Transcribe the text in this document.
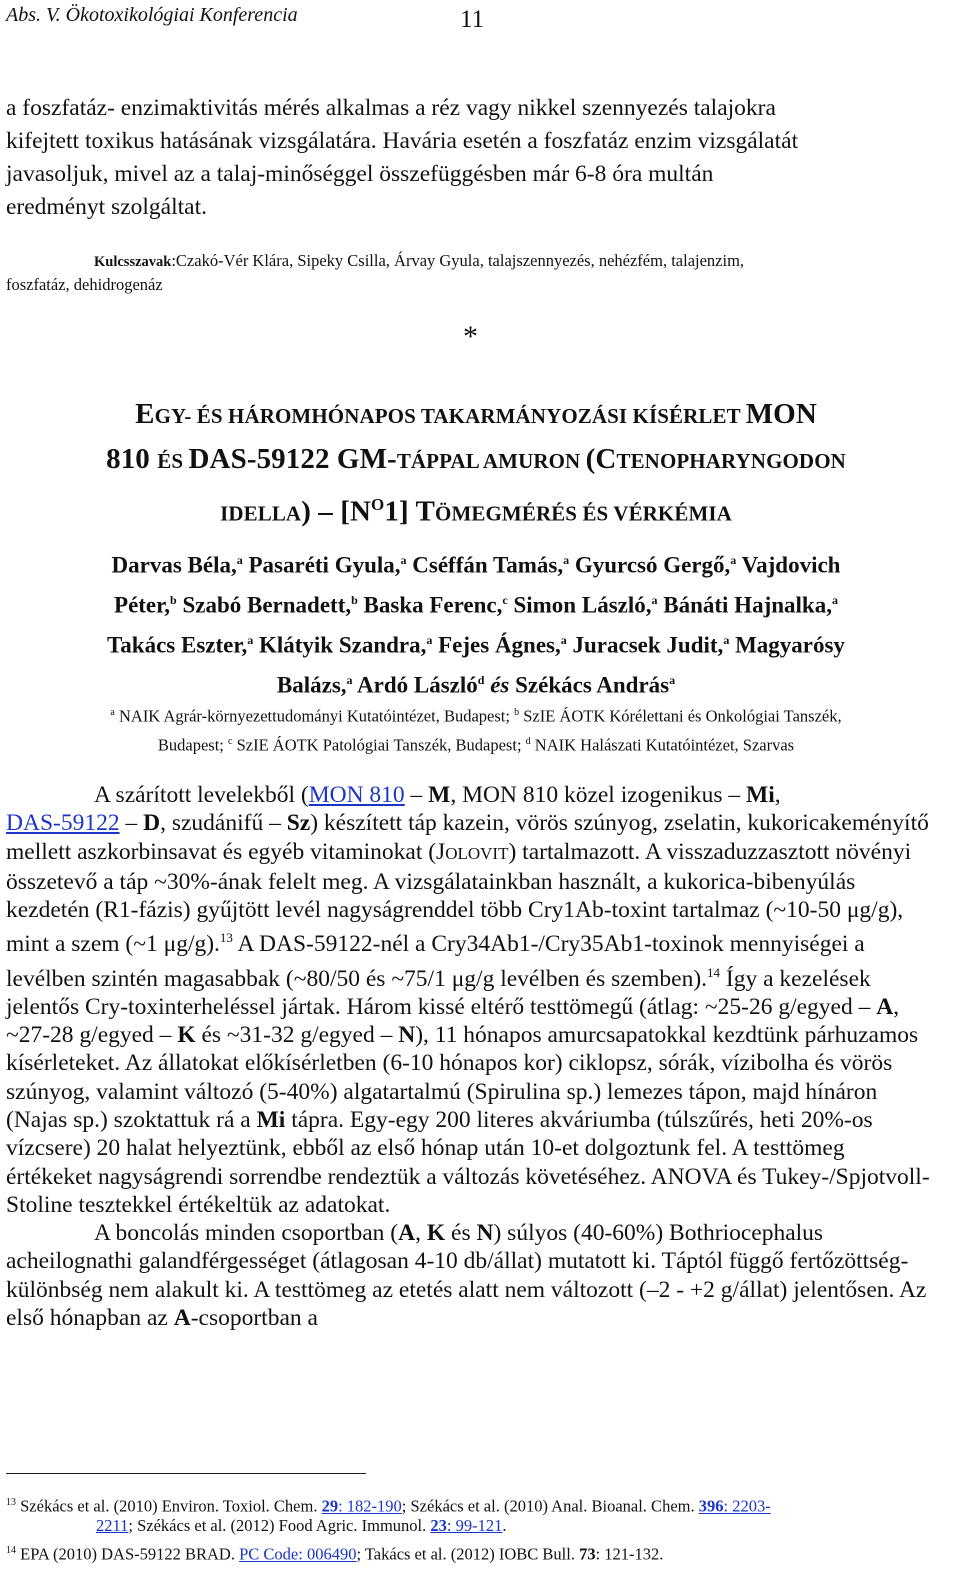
Abs. V. Ökotoxikológiai Konferencia	11
a foszfatáz- enzimaktivitás mérés alkalmas a réz vagy nikkel szennyezés talajokra
kifejtett toxikus hatásának vizsgálatára. Havária esetén a foszfatáz enzim vizsgálatát
javasoljuk, mivel az a talaj-minőséggel összefüggésben már 6-8 óra multán
eredményt szolgáltat.
Kulcsszavak:Czakó-Vér Klára, Sipeky Csilla, Árvay Gyula, talajszennyezés, nehézfém, talajenzim,
foszfatáz, dehidrogenáz
*
EGY- ÉS HÁROMHÓNAPOS TAKARMÁNYOZÁSI KÍSÉRLET MON
810 ÉS DAS-59122 GM-TÁPPAL AMURON (CTENOPHARYNGODON
IDELLA) – $[N^O1]$ TÖMEGMÉRÉS ÉS VÉRKÉMIA
Darvas Béla,$^a$ Pasaréti Gyula,$^a$ Cséffán Tamás,$^a$ Gyurcsó Gergő,$^a$ Vajdovich
Péter,$^b$ Szabó Bernadett,$^b$ Baska Ferenc,$^c$ Simon László,$^a$ Bánáti Hajnalka,$^a$
Takács Eszter,$^a$ Klátyik Szandra,$^a$ Fejes Ágnes,$^a$ Juracsek Judit,$^a$ Magyarósy
Balázs,$^a$ Ardó László$^d$ és Székács András$^a$
$^a$ NAIK Agrár-környezettudományi Kutatóintézet, Budapest; $^b$ SzIE ÁOTK Kórélettani és Onkológiai Tanszék,
Budapest; $^c$ SzIE ÁOTK Patológiai Tanszék, Budapest; $^d$ NAIK Halászati Kutatóintézet, Szarvas
A szárított levelekből (MON 810 – M, MON 810 közel izogenikus – Mi,
DAS-59122 – D, szudánifű – Sz) készített táp kazein, vörös szúnyog, zselatin, kukoricakeményítő mellett aszkorbinsavat és egyéb vitaminokat (JOLOVIT) tartalmazott. A visszaduzzasztott növényi összetevő a táp ~30%-ának felelt meg. A vizsgálatainkban használt, a kukorica-bibenyúlás kezdetén (R1-fázis) gyűjtött levél nagyságrenddel több Cry1Ab-toxint tartalmaz (~10-50 μg/g), mint a szem (~1 μg/g).$^{13}$ A DAS-59122-nél a Cry34Ab1-/Cry35Ab1-toxinok mennyiségei a levélben szintén magasabbak (~80/50 és ~75/1 μg/g levélben és szemben).$^{14}$ Így a kezelések jelentős Cry-toxinterheléssel jártak. Három kissé eltérő testtömegű (átlag: ~25-26 g/egyed – A, ~27-28 g/egyed – K és ~31-32 g/egyed – N), 11 hónapos amurcsapatokkal kezdtünk párhuzamos kísérleteket. Az állatokat előkísérletben (6-10 hónapos kor) ciklopsz, sórák, vízibolha és vörös szúnyog, valamint változó (5-40%) algatartalmú (Spirulina sp.) lemezes tápon, majd hínáron (Najas sp.) szoktattuk rá a Mi tápra. Egy-egy 200 literes akváriumba (túlszűrés, heti 20%-os vízcsere) 20 halat helyeztünk, ebből az első hónap után 10-et dolgoztunk fel. A testtömeg értékeket nagyságrendi sorrendbe rendeztük a változás követéséhez. ANOVA és Tukey-/Spjotvoll-Stoline tesztekkel értékeltük az adatokat.
A boncolás minden csoportban (A, K és N) súlyos (40-60%) Bothriocephalus acheilognathi galandférgességet (átlagosan 4-10 db/állat) mutatott ki. Táptól függő fertőzöttség-különbség nem alakult ki. A testtömeg az etetés alatt nem változott (–2 - +2 g/állat) jelentősen. Az első hónapban az A-csoportban a
$^{13}$ Székács et al. (2010) Environ. Toxiol. Chem. 29: 182-190; Székács et al. (2010) Anal. Bioanal. Chem. 396: 2203-
2211; Székács et al. (2012) Food Agric. Immunol. 23: 99-121.
$^{14}$ EPA (2010) DAS-59122 BRAD. PC Code: 006490; Takács et al. (2012) IOBC Bull. 73: 121-132.
